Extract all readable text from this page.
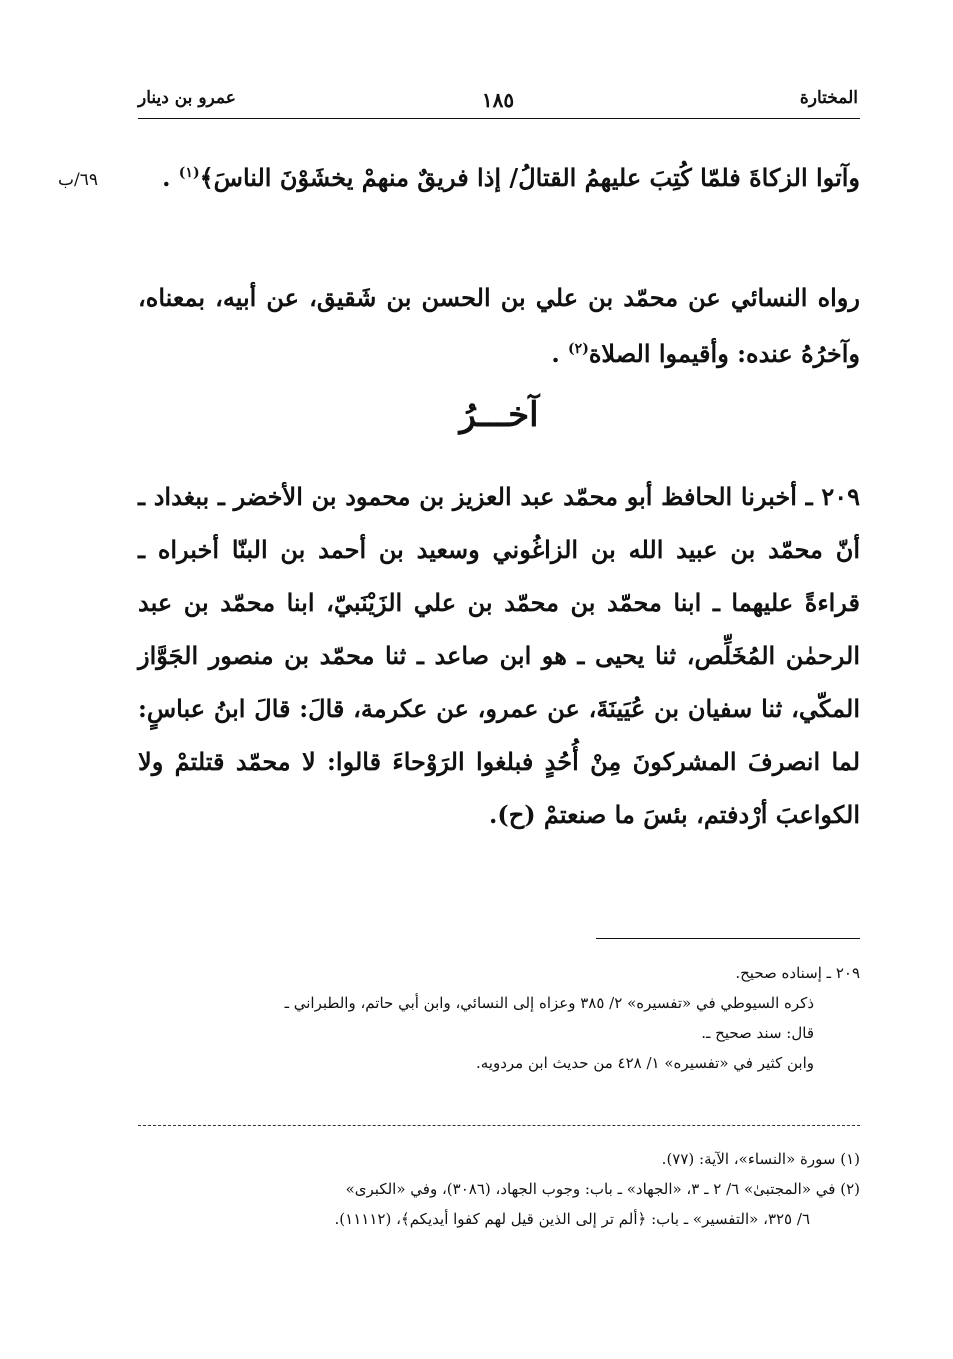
المختارة
١٨٥
عمرو بن دينار
٦٩/ب	وآتوا الزكاةَ فلمّا كُتِبَ عليهمُ القتالُ/ إذا فريقٌ منهمْ يخشَوْنَ الناسَ﴾$^{(١)}$ .
رواه النسائي عن محمّد بن علي بن الحسن بن شَقيق، عن أبيه، بمعناه، وآخرُهُ عنده: وأقيموا الصلاة$^{(٢)}$ .
آخـــرُ
٢٠٩ ـ أخبرنا الحافظ أبو محمّد عبد العزيز بن محمود بن الأخضر ـ ببغداد ـ أنّ محمّد بن عبيد الله بن الزاغُوني وسعيد بن أحمد بن البنّا أخبراه ـ قراءةً عليهما ـ ابنا محمّد بن محمّد بن علي الزَيْنَبيّ، ابنا محمّد بن عبد الرحمٰن المُخَلِّص، ثنا يحيى ـ هو ابن صاعد ـ ثنا محمّد بن منصور الجَوَّاز المكّي، ثنا سفيان بن عُيَينَةَ، عن عمرو، عن عكرمة، قالَ: قالَ ابنُ عباسٍ: لما انصرفَ المشركونَ مِنْ أُحُدٍ فبلغوا الرَوْحاءَ قالوا: لا محمّد قتلتمْ ولا الكواعبَ أرْدفتم، بئسَ ما صنعتمْ (ح).
٢٠٩ ـ إسناده صحيح.
ذكره السيوطي في «تفسيره» ٢/ ٣٨٥ وعزاه إلى النسائي، وابن أبي حاتم، والطبراني ـ
قال: سند صحيح ـ.
وابن كثير في «تفسيره» ١/ ٤٢٨ من حديث ابن مردويه.
(١) سورة «النساء»، الآية: (٧٧).
(٢) في «المجتبىٰ» ٦/ ٢ ـ ٣، «الجهاد» ـ باب: وجوب الجهاد، (٣٠٨٦)، وفي «الكبرى»
٦/ ٣٢٥، «التفسير» ـ باب: ﴿ألم تر إلى الذين قيل لهم كفوا أيديكم﴾، (١١١١٢).
